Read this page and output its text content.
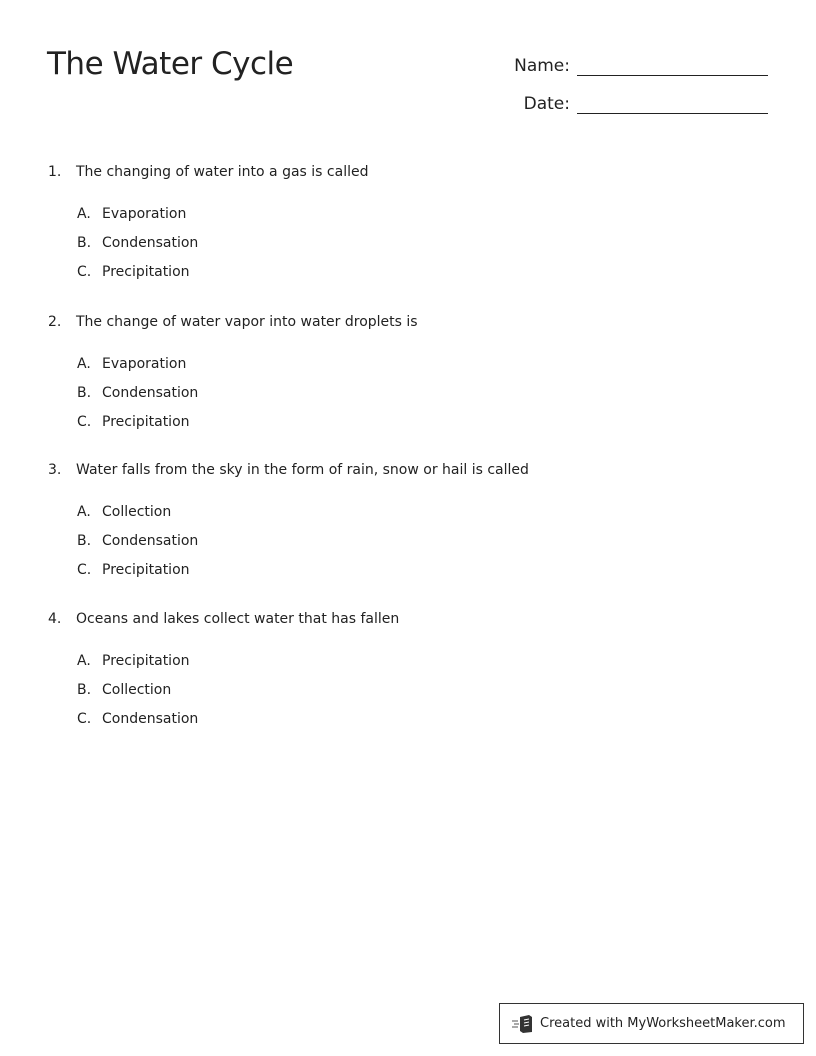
The Water Cycle	Name:
Date:
1. The changing of water into a gas is called
A. Evaporation
B. Condensation
C. Precipitation
2. The change of water vapor into water droplets is
A. Evaporation
B. Condensation
C. Precipitation
3. Water falls from the sky in the form of rain, snow or hail is called
A. Collection
B. Condensation
C. Precipitation
4. Oceans and lakes collect water that has fallen
A. Precipitation
B. Collection
C. Condensation
Created with MyWorksheetMaker.com
